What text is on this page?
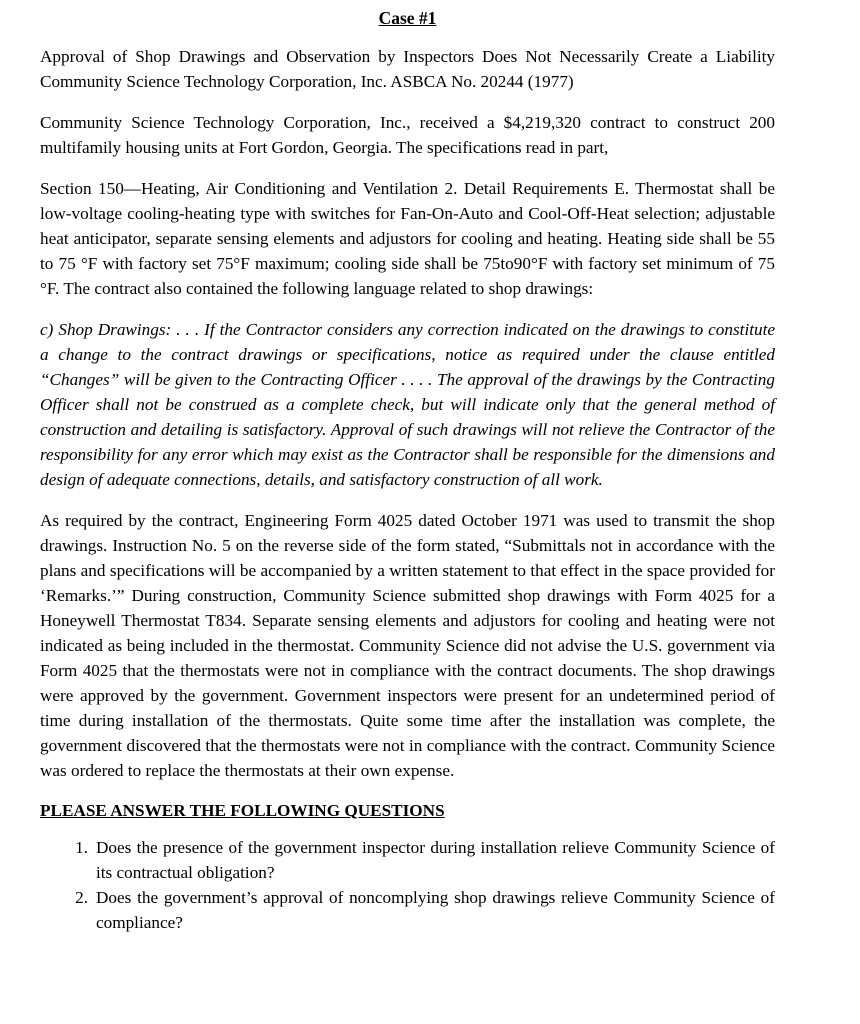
Case #1

Approval of Shop Drawings and Observation by Inspectors Does Not Necessarily Create a Liability Community Science Technology Corporation, Inc. ASBCA No. 20244 (1977)

Community Science Technology Corporation, Inc., received a $4,219,320 contract to construct 200 multifamily housing units at Fort Gordon, Georgia. The specifications read in part,

Section 150—Heating, Air Conditioning and Ventilation 2. Detail Requirements E. Thermostat shall be low-voltage cooling-heating type with switches for Fan-On-Auto and Cool-Off-Heat selection; adjustable heat anticipator, separate sensing elements and adjustors for cooling and heating. Heating side shall be 55 to 75 °F with factory set 75°F maximum; cooling side shall be 75to90°F with factory set minimum of 75 °F. The contract also contained the following language related to shop drawings:

c) Shop Drawings: . . . If the Contractor considers any correction indicated on the drawings to constitute a change to the contract drawings or specifications, notice as required under the clause entitled “Changes” will be given to the Contracting Officer . . . . The approval of the drawings by the Contracting Officer shall not be construed as a complete check, but will indicate only that the general method of construction and detailing is satisfactory. Approval of such drawings will not relieve the Contractor of the responsibility for any error which may exist as the Contractor shall be responsible for the dimensions and design of adequate connections, details, and satisfactory construction of all work.

As required by the contract, Engineering Form 4025 dated October 1971 was used to transmit the shop drawings. Instruction No. 5 on the reverse side of the form stated, “Submittals not in accordance with the plans and specifications will be accompanied by a written statement to that effect in the space provided for ‘Remarks.’” During construction, Community Science submitted shop drawings with Form 4025 for a Honeywell Thermostat T834. Separate sensing elements and adjustors for cooling and heating were not indicated as being included in the thermostat. Community Science did not advise the U.S. government via Form 4025 that the thermostats were not in compliance with the contract documents. The shop drawings were approved by the government. Government inspectors were present for an undetermined period of time during installation of the thermostats. Quite some time after the installation was complete, the government discovered that the thermostats were not in compliance with the contract. Community Science was ordered to replace the thermostats at their own expense.

PLEASE ANSWER THE FOLLOWING QUESTIONS
1. Does the presence of the government inspector during installation relieve Community Science of its contractual obligation?
2. Does the government’s approval of noncomplying shop drawings relieve Community Science of compliance?
